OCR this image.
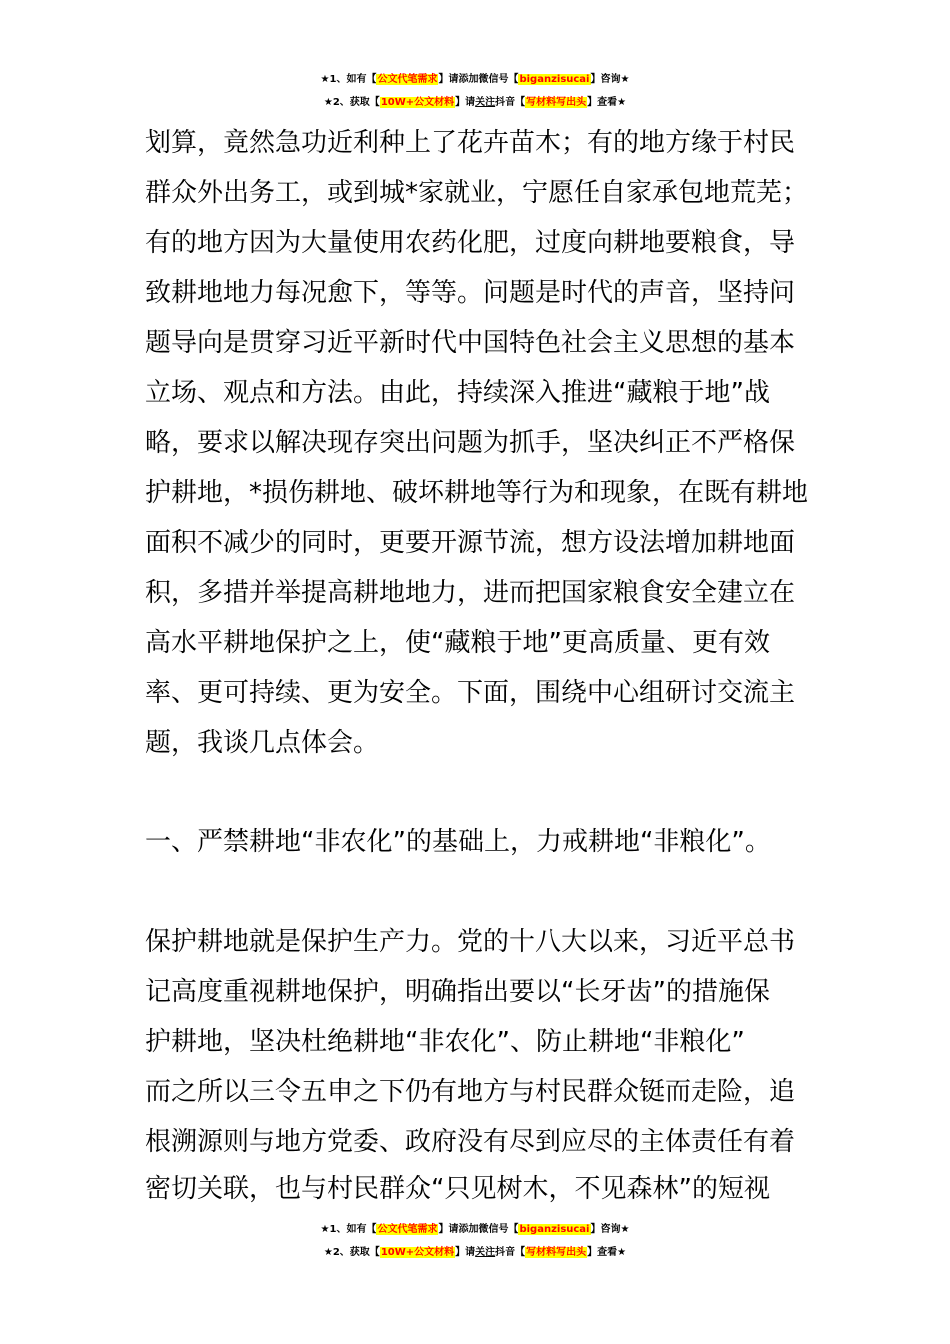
★1、如有【公文代笔需求】请添加微信号【biganzisucai】咨询★
★2、获取【10W+公文材料】请关注抖音【写材料写出头】查看★
划算，竟然急功近利种上了花卉苗木；有的地方缘于村民
群众外出务工，或到城*家就业，宁愿任自家承包地荒芜；
有的地方因为大量使用农药化肥，过度向耕地要粮食，导
致耕地地力每况愈下，等等。问题是时代的声音，坚持问
题导向是贯穿习近平新时代中国特色社会主义思想的基本
立场、观点和方法。由此，持续深入推进“藏粮于地”战
略，要求以解决现存突出问题为抓手，坚决纠正不严格保
护耕地，*损伤耕地、破坏耕地等行为和现象，在既有耕地
面积不减少的同时，更要开源节流，想方设法增加耕地面
积，多措并举提高耕地地力，进而把国家粮食安全建立在
高水平耕地保护之上，使“藏粮于地”更高质量、更有效
率、更可持续、更为安全。下面，围绕中心组研讨交流主
题，我谈几点体会。
一、严禁耕地“非农化”的基础上，力戒耕地“非粮化”。
保护耕地就是保护生产力。党的十八大以来，习近平总书
记高度重视耕地保护，明确指出要以“长牙齿”的措施保
护耕地，坚决杜绝耕地“非农化”、防止耕地“非粮化”
而之所以三令五申之下仍有地方与村民群众铤而走险，追
根溯源则与地方党委、政府没有尽到应尽的主体责任有着
密切关联，也与村民群众“只见树木，不见森林”的短视
★1、如有【公文代笔需求】请添加微信号【biganzisucai】咨询★
★2、获取【10W+公文材料】请关注抖音【写材料写出头】查看★
